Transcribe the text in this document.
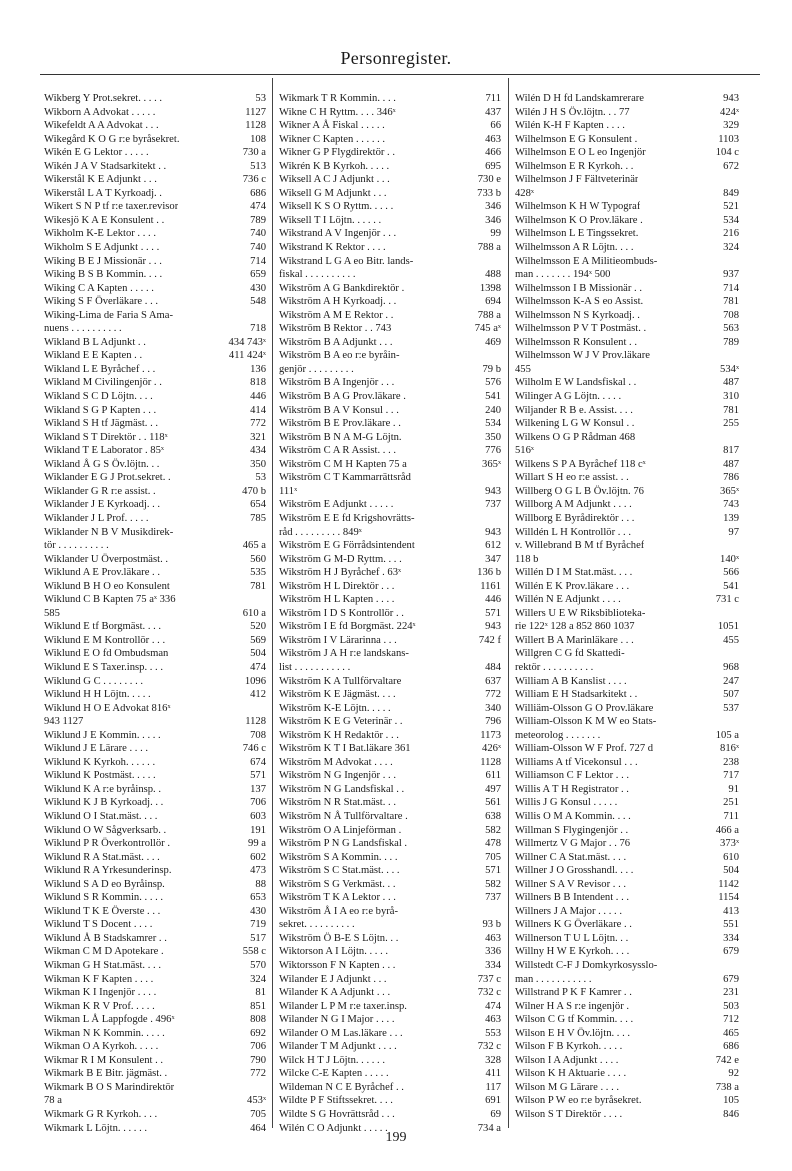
Personregister.
Wikberg Y Prot.sekret. . . . .	53
Wikborn A Advokat . . . . .	1127
Wikefeldt A A Advokat . . .	1128
Wikegård K O G r:e byråsekret.	108
Wikén E G Lektor . . . . .	730 a
Wikén J A V Stadsarkitekt . .	513
Wikerstål K E Adjunkt . . .	736 c
Wikerstål L A T Kyrkoadj. .	686
Wikert S N P tf r:e taxer.revisor	474
Wikesjö K A E Konsulent . .	789
Wikholm K-E Lektor . . . .	740
Wikholm S E Adjunkt . . . .	740
Wiking B E J Missionär . . .	714
Wiking B S B Kommin. . . .	659
Wiking C A Kapten . . . . .	430
Wiking S F Överläkare . . .	548
Wiking-Lima de Faria S Ama-
nuens . . . . . . . . . .	718
Wikland B L Adjunkt . .	434 743ˣ
Wikland E E Kapten . .	411 424ˣ
Wikland L E Byråchef . . .	136
Wikland M Civilingenjör . .	818
Wikland S C D Löjtn. . . .	446
Wikland S G P Kapten . . .	414
Wikland S H tf Jägmäst. . .	772
Wikland S T Direktör . . 118ˣ	321
Wikland T E Laborator . 85ˣ	434
Wikland Å G S Öv.löjtn. . .	350
Wiklander E G J Prot.sekret. .	53
Wiklander G R r:e assist. .	470 b
Wiklander J E Kyrkoadj. . .	654
Wiklander J L Prof. . . . .	785
Wiklander N B V Musikdirek-
tör . . . . . . . . . .	465 a
Wiklander U Överpostmäst. .	560
Wiklund A E Prov.läkare . .	535
Wiklund B H O eo Konsulent	781
Wiklund C B Kapten 75 aˣ 336
585	610 a
Wiklund E tf Borgmäst. . . .	520
Wiklund E M Kontrollör . . .	569
Wiklund E O fd Ombudsman	504
Wiklund E S Taxer.insp. . . .	474
Wiklund G C . . . . . . . .	1096
Wiklund H H Löjtn. . . . .	412
Wiklund H O E Advokat 816ˣ
943 1127	1128
Wiklund J E Kommin. . . . .	708
Wiklund J E Lärare . . . .	746 c
Wiklund K Kyrkoh. . . . . .	674
Wiklund K Postmäst. . . . .	571
Wiklund K A r:e byråinsp. .	137
Wiklund K J B Kyrkoadj. . .	706
Wiklund O I Stat.mäst. . . .	603
Wiklund O W Sågverksarb. .	191
Wiklund P R Överkontrollör .	99 a
Wiklund R A Stat.mäst. . . .	602
Wiklund R A Yrkesunderinsp.	473
Wiklund S A D eo Byråinsp.	88
Wiklund S R Kommin. . . . .	653
Wiklund T K E Överste . . .	430
Wiklund T S Docent . . . .	719
Wiklund Å B Stadskamrer . .	517
Wikman C M D Apotekare .	558 c
Wikman G H Stat.mäst. . . .	570
Wikman K F Kapten . . . .	324
Wikman K I Ingenjör . . . .	81
Wikman K R V Prof. . . . .	851
Wikman L Å Lappfogde . 496ˣ	808
Wikman N K Kommin. . . . .	692
Wikman O A Kyrkoh. . . . .	706
Wikmar R I M Konsulent . .	790
Wikmark B E Bitr. jägmäst. .	772
Wikmark B O S Marindirektör
78 a	453ˣ
Wikmark G R Kyrkoh. . . .	705
Wikmark L Löjtn. . . . . .	464
Wikmark T R Kommin. . . .	711
Wikne C H Ryttm. . . . 346ˣ	437
Wikner A Å Fiskal . . . . .	66
Wikner C Kapten . . . . . .	463
Wikner G P Flygdirektör . .	466
Wikrén K B Kyrkoh. . . . .	695
Wiksell A C J Adjunkt . . .	730 e
Wiksell G M Adjunkt . . .	733 b
Wiksell K S O Ryttm. . . . .	346
Wiksell T I Löjtn. . . . . .	346
Wikstrand A V Ingenjör . . .	99
Wikstrand K Rektor . . . .	788 a
Wikstrand L G A eo Bitr. lands-
fiskal . . . . . . . . . .	488
Wikström A G Bankdirektör .	1398
Wikström A H Kyrkoadj. . .	694
Wikström A M E Rektor . .	788 a
Wikström B Rektor . . 743	745 aˣ
Wikström B A Adjunkt . . .	469
Wikström B A eo r:e byråin-
genjör . . . . . . . . .	79 b
Wikström B A Ingenjör . . .	576
Wikström B A G Prov.läkare .	541
Wikström B A V Konsul . . .	240
Wikström B E Prov.läkare . .	534
Wikström B N A M-G Löjtn.	350
Wikström C A R Assist. . . .	776
Wikström C M H Kapten 75 a	365ˣ
Wikström C T Kammarrättsråd
111ˣ	943
Wikström E Adjunkt . . . . .	737
Wikström E E fd Krigshovrätts-
råd . . . . . . . . . 849ˣ	943
Wikström E G Förrådsintendent	612
Wikström G M-D Ryttm. . . .	347
Wikström H J Byråchef . 63ˣ	136 b
Wikström H L Direktör . . .	1161
Wikström H L Kapten . . . .	446
Wikström I D S Kontrollör . .	571
Wikström I E fd Borgmäst. 224ˣ	943
Wikström I V Lärarinna . . .	742 f
Wikström J A H r:e landskans-
list . . . . . . . . . . .	484
Wikström K A Tullförvaltare	637
Wikström K E Jägmäst. . . .	772
Wikström K-E Löjtn. . . . .	340
Wikström K E G Veterinär . .	796
Wikström K H Redaktör . . .	1173
Wikström K T I Bat.läkare 361	426ˣ
Wikström M Advokat . . . .	1128
Wikström N G Ingenjör . . .	611
Wikström N G Landsfiskal . .	497
Wikström N R Stat.mäst. . .	561
Wikström N Å Tullförvaltare .	638
Wikström O A Linjeförman .	582
Wikström P N G Landsfiskal .	478
Wikström S A Kommin. . . .	705
Wikström S C Stat.mäst. . . .	571
Wikström S G Verkmäst. . .	582
Wikström T K A Lektor . . .	737
Wikström Å I A eo r:e byrå-
sekret. . . . . . . . . .	93 b
Wikström Ö B-E S Löjtn. . .	463
Wiktorson A I Löjtn. . . . .	336
Wiktorsson F N Kapten . . .	334
Wilander E J Adjunkt . . .	737 c
Wilander K A Adjunkt . . .	732 c
Wilander L P M r:e taxer.insp.	474
Wilander N G I Major . . . .	463
Wilander O M Las.läkare . . .	553
Wilander T M Adjunkt . . . .	732 c
Wilck H T J Löjtn. . . . . .	328
Wilcke C-E Kapten . . . . .	411
Wildeman N C E Byråchef . .	117
Wildte P F Stiftssekret. . . .	691
Wildte S G Hovrättsråd . . .	69
Wilén C O Adjunkt . . . . .	734 a
Wilén D H fd Landskamrerare	943
Wilén J H S Öv.löjtn. . . 77	424ˣ
Wilén K-H F Kapten . . . .	329
Wilhelmson E G Konsulent .	1103
Wilhelmson E O L eo Ingenjör	104 c
Wilhelmson E R Kyrkoh. . .	672
Wilhelmson J F Fältveterinär
428ˣ	849
Wilhelmson K H W Typograf	521
Wilhelmson K O Prov.läkare .	534
Wilhelmson L E Tingssekret.	216
Wilhelmsson A R Löjtn. . . .	324
Wilhelmsson E A Militieombuds-
man . . . . . . . 194ˣ 500	937
Wilhelmsson I B Missionär . .	714
Wilhelmsson K-A S eo Assist.	781
Wilhelmsson N S Kyrkoadj. .	708
Wilhelmsson P V T Postmäst. .	563
Wilhelmsson R Konsulent . .	789
Wilhelmsson W J V Prov.läkare
455	534ˣ
Wilholm E W Landsfiskal . .	487
Wilinger A G Löjtn. . . . .	310
Wiljander R B e. Assist. . . .	781
Wilkening L G W Konsul . .	255
Wilkens O G P Rådman 468
516ˣ	817
Wilkens S P A Byråchef 118 cˣ	487
Willart S H eo r:e assist. . .	786
Willberg O G L B Öv.löjtn. 76	365ˣ
Willborg A M Adjunkt . . . .	743
Willborg E Byrådirektör . . .	139
Willdén L H Kontrollör . . .	97
v. Willebrand B M tf Byråchef
118 b	140ˣ
Willén D I M Stat.mäst. . . .	566
Willén E K Prov.läkare . . .	541
Willén N E Adjunkt . . . .	731 c
Willers U E W Riksbiblioteka-
rie 122ˣ 128 a 852 860 1037	1051
Willert B A Marinläkare . . .	455
Willgren C G fd Skattedi-
rektör . . . . . . . . . .	968
William A B Kanslist . . . .	247
William E H Stadsarkitekt . .	507
Williäm-Olsson G O Prov.läkare	537
William-Olsson K M W eo Stats-
meteorolog . . . . . . .	105 a
William-Olsson W F Prof. 727 d	816ˣ
Williams A tf Vicekonsul . . .	238
Williamson C F Lektor . . .	717
Willis A T H Registrator . .	91
Willis J G Konsul . . . . .	251
Willis O M A Kommin. . . .	711
Willman S Flygingenjör . .	466 a
Willmertz V G Major . . 76	373ˣ
Willner C A Stat.mäst. . . .	610
Willner J O Grosshandl. . . .	504
Willner S A V Revisor . . .	1142
Willners B B Intendent . . .	1154
Willners J A Major . . . . .	413
Willners K G Överläkare . .	551
Willnerson T U L Löjtn. . .	334
Willny H W E Kyrkoh. . . .	679
Willstedt C-F J Domkyrkosysslo-
man . . . . . . . . . . .	679
Willstrand P K F Kamrer . .	231
Wilner H A S r:e ingenjör .	503
Wilson C G tf Kommin. . . .	712
Wilson E H V Öv.löjtn. . . .	465
Wilson F B Kyrkoh. . . . .	686
Wilson I A Adjunkt . . . .	742 e
Wilson K H Aktuarie . . . .	92
Wilson M G Lärare . . . .	738 a
Wilson P W eo r:e byråsekret.	105
Wilson S T Direktör . . . .	846
199
